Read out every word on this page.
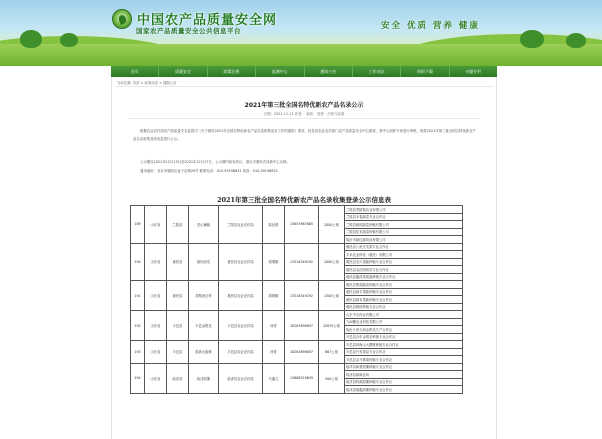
中国农产品质量安全网
国家农产品质量安全公共信息平台	安全 优质 营养 健康
首页	质量安全	政策法规	监测中心	通知公告	工作动态	资料下载	专题专栏
当前位置: 首页 > 标准动态 > 通知公告
2021年第三批全国名特优新农产品名录公示
日期：2021-12-13 作者： 来源： 进度：法规与标准
根据农业农村部农产品质量安全监管司《关于做好2021年全国名特优新农产品名录收集登录工作的通知》要求，经各省农业农村部门农产品质量安全中心推荐，我中心组织专家进行审核，现将2021年第三批全国名特优新农产品名录收集登录信息进行公示。
公示期自2021年12月13日至2021年12月17日，公示期内如有异议，请以书面形式向我中心反映。
通讯地址：北京市朝阳区麦子店街20号 联系电话：010-59198831 传真：010-59198832
2021年第三批全国名特优新农产品名录收集登录公示信息表
189	山东省	兰陵县	苍山辣椒	兰陵县农业农村局	陈延勇	15853967665	2000公顷	兰陵县君耕瑞农业有限公司
								兰陵县本春蔬菜专业合作社
								兰陵县绿园蔬菜种植有限公司
								兰陵县佳禾蔬菜种植有限公司
								临沂市绿佳源食品有限公司
190	山东省	惠民县	惠民西瓜	惠民县农业农村局	胡增勤	13516349292	2000公顷	惠民县八里庄瓜果专业合作社
								丰禾农业科技（惠民）有限公司
								惠民县农兴果蔬种植专业合作社
								惠民县金沃园西瓜专业合作社
								惠民县鑫昌源果蔬种植专业合作社
191	山东省	惠民县	胡集西红柿	惠民县农业农村局	胡增勤	13516349292	1500公顷	惠民县鲁胡蔬菜种植专业合作社
								惠民县绿丰果蔬种植专业合作社
								惠民县绿禾果蔬种植专业合作社
								惠民县锦园种植专业合作社
192	山东省	平邑县	平邑金银花	平邑县农业农村局	徐青	18263898897	42870公顷	山东中平药业有限公司
								九间棚农业科技有限公司
								临沂九州天润金银花生产合作社
								平邑县百年金银花种植专业合作社
193	山东省	平邑县	临涧大蜜桃	平邑县农业农村局	徐青	18263898897	667公顷	平邑县四海山大樱桃种植专业合作社
								平邑县兴发果品专业合作社
								平邑县金马桃果种植专业合作社
194	山东省	临沭县	临沭甜薯	临沭县农业农村局	马鑫立	13668518659	500公顷	临沭县新蕾甜薯种植专业合作社
								临沭县绿源农场
								临沭县科源甜薯种植专业合作社
								临沭县瑞鑫甜薯种植专业合作社
